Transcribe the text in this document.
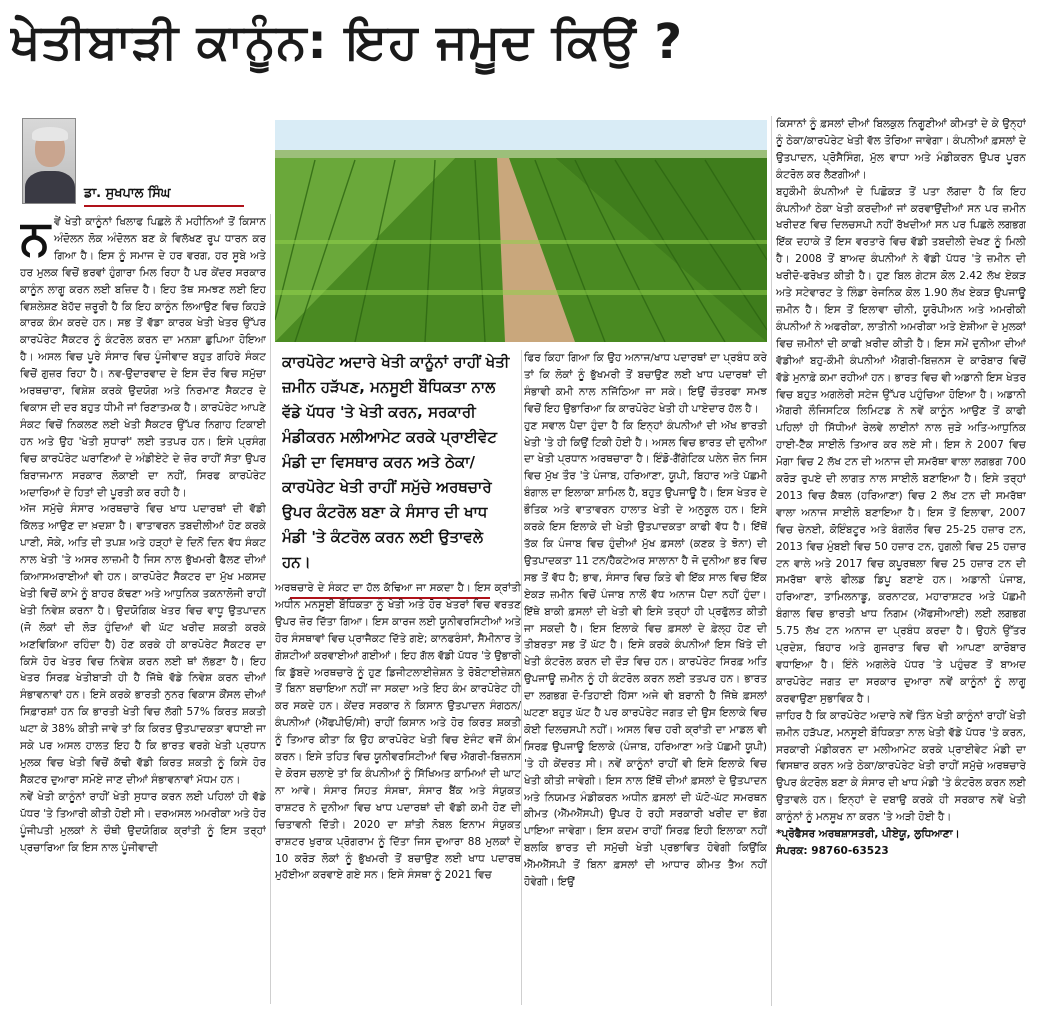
ਖੇਤੀਬਾੜੀ ਕਾਨੂੰਨ: ਇਹ ਜਮੂਦ ਕਿਉਂ ?
ਡਾ. ਸੁਖਪਾਲ ਸਿੰਘ

ਨਵੇਂ ਖੇਤੀ ਕਾਨੂੰਨਾਂ ਖਿਲਾਫ ਪਿਛਲੇ ਨੌ ਮਹੀਨਿਆਂ ਤੋਂ ਕਿਸਾਨ ਅੰਦੋਲਨ ਲੋਕ ਅੰਦੋਲਨ ਬਣ ਕੇ ਵਿਲੱਖਣ ਰੂਪ ਧਾਰਨ ਕਰ ਗਿਆ ਹੈ। ਇਸ ਨੂੰ ਸਮਾਜ ਦੇ ਹਰ ਵਰਗ, ਹਰ ਸੂਬੇ ਅਤੇ ਹਰ ਮੁਲਕ ਵਿਚੋਂ ਭਰਵਾਂ ਹੁੰਗਾਰਾ ਮਿਲ ਰਿਹਾ ਹੈ ਪਰ ਕੇਂਦਰ ਸਰਕਾਰ ਕਾਨੂੰਨ ਲਾਗੂ ਕਰਨ ਲਈ ਬਜ਼ਿਦ ਹੈ। ਇਹ ਤੱਥ ਸਮਝਣ ਲਈ ਇਹ ਵਿਸ਼ਲੇਸ਼ਣ ਬੇਹੱਦ ਜ਼ਰੂਰੀ ਹੈ ਕਿ ਇਹ ਕਾਨੂੰਨ ਲਿਆਉਣ ਵਿਚ ਕਿਹੜੇ ਕਾਰਕ ਕੰਮ ਕਰਦੇ ਹਨ। ਸਭ ਤੋਂ ਵੱਡਾ ਕਾਰਕ ਖੇਤੀ ਖੇਤਰ ਉੱਪਰ ਕਾਰਪੋਰੇਟ ਸੈਕਟਰ ਨੂੰ ਕੰਟਰੋਲ ਕਰਨ ਦਾ ਮਨਸ਼ਾ ਛੁਪਿਆ ਹੋਇਆ ਹੈ। ਅਸਲ ਵਿਚ ਪੂਰੇ ਸੰਸਾਰ ਵਿਚ ਪੂੰਜੀਵਾਦ ਬਹੁਤ ਗਹਿਰੇ ਸੰਕਟ ਵਿਚੋਂ ਗੁਜ਼ਰ ਰਿਹਾ ਹੈ। ਨਵ-ਉਦਾਰਵਾਦ ਦੇ ਇਸ ਦੌਰ ਵਿਚ ਸਮੁੱਚਾ ਅਰਥਚਾਰਾ, ਵਿਸ਼ੇਸ਼ ਕਰਕੇ ਉਦਯੋਗ ਅਤੇ ਨਿਰਮਾਣ ਸੈਕਟਰ ਦੇ ਵਿਕਾਸ ਦੀ ਦਰ ਬਹੁਤ ਧੀਮੀ ਜਾਂ ਰਿਣਾਤਮਕ ਹੈ। ਕਾਰਪੋਰੇਟ ਆਪਣੇ ਸੰਕਟ ਵਿਚੋਂ ਨਿਕਲਣ ਲਈ ਖੇਤੀ ਸੈਕਟਰ ਉੱਪਰ ਨਿਗਾਹ ਟਿਕਾਈ ਹਨ ਅਤੇ ਉਹ 'ਖੇਤੀ ਸੁਧਾਰਾਂ' ਲਈ ਤਤਪਰ ਹਨ। ਇਸੇ ਪ੍ਰਸੰਗ ਵਿਚ ਕਾਰਪੋਰੇਟ ਘਰਾਣਿਆਂ ਦੇ ਅੰਡੀਏਟੇ ਦੇ ਜ਼ੋਰ ਰਾਹੀਂ ਸੱਤਾ ਉਪਰ ਬਿਰਾਜਮਾਨ ਸਰਕਾਰ ਲੋਕਾਈ ਦਾ ਨਹੀਂ, ਸਿਰਫ ਕਾਰਪੋਰੇਟ ਅਦਾਰਿਆਂ ਦੇ ਹਿਤਾਂ ਦੀ ਪੂਰਤੀ ਕਰ ਰਹੀ ਹੈ।

ਅੱਜ ਸਮੁੱਚੇ ਸੰਸਾਰ ਅਰਥਚਾਰੇ ਵਿਚ ਖਾਧ ਪਦਾਰਥਾਂ ਦੀ ਵੱਡੀ ਕਿੱਲਤ ਆਉਣ ਦਾ ਖ਼ਦਸ਼ਾ ਹੈ। ਵਾਤਾਵਰਨ ਤਬਦੀਲੀਆਂ ਹੋਣ ਕਰਕੇ ਪਾਣੀ, ਸੋਕੇ, ਅਤਿ ਦੀ ਤਪਸ਼ ਅਤੇ ਹੜ੍ਹਾਂ ਦੇ ਦਿਨੋਂ ਦਿਨ ਵੱਧ ਸੰਕਟ ਨਾਲ ਖੇਤੀ 'ਤੇ ਅਸਰ ਲਾਜ਼ਮੀ ਹੈ ਜਿਸ ਨਾਲ ਭੁੱਖਮਰੀ ਫੈਲਣ ਦੀਆਂ ਕਿਆਸਅਰਾਈਆਂ ਵੀ ਹਨ। ਕਾਰਪੋਰੇਟ ਸੈਕਟਰ ਦਾ ਮੁੱਖ ਮਕਸਦ ਖੇਤੀ ਵਿਚੋਂ ਕਾਮੇ ਨੂੰ ਬਾਹਰ ਕੱਢਣਾ ਅਤੇ ਆਧੁਨਿਕ ਤਕਨਾਲੋਜੀ ਰਾਹੀਂ ਖੇਤੀ ਨਿਵੇਸ਼ ਕਰਨਾ ਹੈ। ਉਦਯੋਗਿਕ ਖੇਤਰ ਵਿਚ ਵਾਧੂ ਉਤਪਾਦਨ (ਜੋ ਲੋਕਾਂ ਦੀ ਲੋੜ ਹੁੰਦਿਆਂ ਵੀ ਘੱਟ ਖਰੀਦ ਸ਼ਕਤੀ ਕਰਕੇ ਅਣਵਿਕਿਆ ਰਹਿੰਦਾ ਹੈ) ਹੋਣ ਕਰਕੇ ਹੀ ਕਾਰਪੋਰੇਟ ਸੈਕਟਰ ਦਾ ਕਿਸੇ ਹੋਰ ਖੇਤਰ ਵਿਚ ਨਿਵੇਸ਼ ਕਰਨ ਲਈ ਥਾਂ ਲੱਭਣਾ ਹੈ। ਇਹ ਖੇਤਰ ਸਿਰਫ਼ ਖੇਤੀਬਾੜੀ ਹੀ ਹੈ ਜਿੱਥੇ ਵੱਡੇ ਨਿਵੇਸ਼ ਕਰਨ ਦੀਆਂ ਸੰਭਾਵਨਾਵਾਂ ਹਨ। ਇਸੇ ਕਰਕੇ ਭਾਰਤੀ ਨੁਨਰ ਵਿਕਾਸ ਕੌਂਸਲ ਦੀਆਂ ਸਿਫ਼ਾਰਸ਼ਾਂ ਹਨ ਕਿ ਭਾਰਤੀ ਖੇਤੀ ਵਿਚ ਲੱਗੀ 57% ਕਿਰਤ ਸ਼ਕਤੀ ਘਟਾ ਕੇ 38% ਕੀਤੀ ਜਾਵੇ ਤਾਂ ਕਿ ਕਿਰਤ ਉਤਪਾਦਕਤਾ ਵਧਾਈ ਜਾ ਸਕੇ ਪਰ ਅਸਲ ਹਾਲਤ ਇਹ ਹੈ ਕਿ ਭਾਰਤ ਵਰਗੇ ਖੇਤੀ ਪ੍ਰਧਾਨ ਮੁਲਕ ਵਿਚ ਖੇਤੀ ਵਿਚੋਂ ਕੱਢੀ ਵੱਡੀ ਕਿਰਤ ਸ਼ਕਤੀ ਨੂੰ ਕਿਸੇ ਹੋਰ ਸੈਕਟਰ ਦੁਆਰਾ ਸਮੋਏ ਜਾਣ ਦੀਆਂ ਸੰਭਾਵਨਾਵਾਂ ਮੱਧਮ ਹਨ।

ਨਵੇਂ ਖੇਤੀ ਕਾਨੂੰਨਾਂ ਰਾਹੀਂ ਖੇਤੀ ਸੁਧਾਰ ਕਰਨ ਲਈ ਪਹਿਲਾਂ ਹੀ ਵੱਡੇ ਪੱਧਰ 'ਤੇ ਤਿਆਰੀ ਕੀਤੀ ਹੋਈ ਸੀ। ਦਰਅਸਲ ਅਮਰੀਕਾ ਅਤੇ ਹੋਰ ਪੂੰਜੀਪਤੀ ਮੁਲਕਾਂ ਨੇ ਚੌਥੀ ਉਦਯੋਗਿਕ ਕ੍ਰਾਂਤੀ ਨੂੰ ਇਸ ਤਰ੍ਹਾਂ ਪ੍ਰਚਾਰਿਆ ਕਿ ਇਸ ਨਾਲ ਪੂੰਜੀਵਾਦੀ

ਕਾਰਪੋਰੇਟ ਅਦਾਰੇ ਖੇਤੀ ਕਾਨੂੰਨਾਂ ਰਾਹੀਂ ਖੇਤੀ ਜ਼ਮੀਨ ਹੜੱਪਣ, ਮਨਸੂਈ ਬੌਧਿਕਤਾ ਨਾਲ ਵੱਡੇ ਪੱਧਰ 'ਤੇ ਖੇਤੀ ਕਰਨ, ਸਰਕਾਰੀ ਮੰਡੀਕਰਨ ਮਲੀਆਮੇਟ ਕਰਕੇ ਪ੍ਰਾਈਵੇਟ ਮੰਡੀ ਦਾ ਵਿਸਥਾਰ ਕਰਨ ਅਤੇ ਠੇਕਾ/ਕਾਰਪੋਰੇਟ ਖੇਤੀ ਰਾਹੀਂ ਸਮੁੱਚੇ ਅਰਥਚਾਰੇ ਉਪਰ ਕੰਟਰੋਲ ਬਣਾ ਕੇ ਸੰਸਾਰ ਦੀ ਖਾਧ ਮੰਡੀ 'ਤੇ ਕੰਟਰੋਲ ਕਰਨ ਲਈ ਉਤਾਵਲੇ ਹਨ।

ਅਰਥਚਾਰੇ ਦੇ ਸੰਕਟ ਦਾ ਹੱਲ ਕੱਢਿਆ ਜਾ ਸਕਦਾ ਹੈ। ਇਸ ਕ੍ਰਾਂਤੀ ਅਧੀਨ ਮਨਸੂਈ ਬੌਧਿਕਤਾ ਨੂੰ ਖੇਤੀ ਅਤੇ ਹੋਰ ਖੇਤਰਾਂ ਵਿਚ ਵਰਤਣ ਉਪਰ ਜ਼ੋਰ ਦਿੱਤਾ ਗਿਆ। ਇਸ ਕਾਰਜ ਲਈ ਯੂਨੀਵਰਸਿਟੀਆਂ ਅਤੇ ਹੋਰ ਸੰਸਥਾਵਾਂ ਵਿਚ ਪ੍ਰਾਜੈਕਟ ਦਿੱਤੇ ਗਏ; ਕਾਨਫਰੰਸਾਂ, ਸੈਮੀਨਾਰ ਤੇ ਗੋਸ਼ਟੀਆਂ ਕਰਵਾਈਆਂ ਗਈਆਂ। ਇਹ ਗੱਲ ਵੱਡੀ ਪੱਧਰ 'ਤੇ ਉਭਾਰੀ ਕਿ ਡੁੱਬਦੇ ਅਰਥਚਾਰੇ ਨੂੰ ਹੁਣ ਡਿਜੀਟਲਾਈਜ਼ੇਸ਼ਨ ਤੇ ਰੋਬੋਟਾਈਜ਼ੇਸ਼ਨ ਤੋਂ ਬਿਨਾ ਬਚਾਇਆ ਨਹੀਂ ਜਾ ਸਕਦਾ ਅਤੇ ਇਹ ਕੰਮ ਕਾਰਪੋਰੇਟ ਹੀ ਕਰ ਸਕਦੇ ਹਨ। ਕੇਂਦਰ ਸਰਕਾਰ ਨੇ ਕਿਸਾਨ ਉਤਪਾਦਨ ਸੰਗਠਨ/ਕੰਪਨੀਆਂ (ਐੱਫਪੀਓ/ਸੀ) ਰਾਹੀਂ ਕਿਸਾਨ ਅਤੇ ਹੋਰ ਕਿਰਤ ਸ਼ਕਤੀ ਨੂੰ ਤਿਆਰ ਕੀਤਾ ਕਿ ਉਹ ਕਾਰਪੋਰੇਟ ਖੇਤੀ ਵਿਚ ਏਜੰਟ ਵਜੋਂ ਕੰਮ ਕਰਨ। ਇਸੇ ਤਹਿਤ ਵਿਚ ਯੂਨੀਵਰਸਿਟੀਆਂ ਵਿਚ ਐਗਰੀ-ਬਿਜ਼ਨਸ ਦੇ ਕੋਰਸ ਚਲਾਏ ਤਾਂ ਕਿ ਕੰਪਨੀਆਂ ਨੂੰ ਸਿੱਖਿਅਤ ਕਾਮਿਆਂ ਦੀ ਘਾਟ ਨਾ ਆਵੇ। ਸੰਸਾਰ ਸਿਹਤ ਸੰਸਥਾ, ਸੰਸਾਰ ਬੈਂਕ ਅਤੇ ਸੰਯੁਕਤ ਰਾਸ਼ਟਰ ਨੇ ਦੁਨੀਆ ਵਿਚ ਖਾਧ ਪਦਾਰਥਾਂ ਦੀ ਵੱਡੀ ਕਮੀ ਹੋਣ ਦੀ ਚਿਤਾਵਨੀ ਦਿੱਤੀ। 2020 ਦਾ ਸ਼ਾਂਤੀ ਨੋਬਲ ਇਨਾਮ ਸੰਯੁਕਤ ਰਾਸ਼ਟਰ ਖੁਰਾਕ ਪ੍ਰੋਗਰਾਮ ਨੂੰ ਦਿੱਤਾ ਜਿਸ ਦੁਆਰਾ 88 ਮੁਲਕਾਂ ਦੇ 10 ਕਰੋੜ ਲੋਕਾਂ ਨੂੰ ਭੁੱਖਮਰੀ ਤੋਂ ਬਚਾਉਣ ਲਈ ਖਾਧ ਪਦਾਰਥ ਮੁਹੱਈਆ ਕਰਵਾਏ ਗਏ ਸਨ। ਇਸੇ ਸੰਸਥਾ ਨੂੰ 2021 ਵਿਚ

ਫਿਰ ਕਿਹਾ ਗਿਆ ਕਿ ਉਹ ਅਨਾਜ/ਖਾਧ ਪਦਾਰਥਾਂ ਦਾ ਪ੍ਰਬੰਧ ਕਰੇ ਤਾਂ ਕਿ ਲੋਕਾਂ ਨੂੰ ਭੁੱਖਮਰੀ ਤੋਂ ਬਚਾਉਣ ਲਈ ਖਾਧ ਪਦਾਰਥਾਂ ਦੀ ਸੰਭਾਵੀ ਕਮੀ ਨਾਲ ਨਜਿੱਠਿਆ ਜਾ ਸਕੇ। ਇਉਂ ਚੌਤਰਫਾ ਸਮਝ ਵਿਚੋਂ ਇਹ ਉਭਾਰਿਆ ਕਿ ਕਾਰਪੋਰੇਟ ਖੇਤੀ ਹੀ ਪਾਏਦਾਰ ਹੱਲ ਹੈ।

ਹੁਣ ਸਵਾਲ ਪੈਦਾ ਹੁੰਦਾ ਹੈ ਕਿ ਇਨ੍ਹਾਂ ਕੰਪਨੀਆਂ ਦੀ ਅੱਖ ਭਾਰਤੀ ਖੇਤੀ 'ਤੇ ਹੀ ਕਿਉਂ ਟਿਕੀ ਹੋਈ ਹੈ। ਅਸਲ ਵਿਚ ਭਾਰਤ ਦੀ ਦੁਨੀਆ ਦਾ ਖੇਤੀ ਪ੍ਰਧਾਨ ਅਰਥਚਾਰਾ ਹੈ। ਇੰਡੋ-ਗੈਂਗੇਟਿਕ ਪਲੇਨ ਜ਼ੋਨ ਜਿਸ ਵਿਚ ਮੁੱਖ ਤੌਰ 'ਤੇ ਪੰਜਾਬ, ਹਰਿਆਣਾ, ਯੂਪੀ, ਬਿਹਾਰ ਅਤੇ ਪੱਛਮੀ ਬੰਗਾਲ ਦਾ ਇਲਾਕਾ ਸ਼ਾਮਿਲ ਹੈ, ਬਹੁਤ ਉਪਜਾਊ ਹੈ। ਇਸ ਖੇਤਰ ਦੇ ਭੌਤਿਕ ਅਤੇ ਵਾਤਾਵਰਨ ਹਾਲਾਤ ਖੇਤੀ ਦੇ ਅਨੁਕੂਲ ਹਨ। ਇਸੇ ਕਰਕੇ ਇਸ ਇਲਾਕੇ ਦੀ ਖੇਤੀ ਉਤਪਾਦਕਤਾ ਕਾਫੀ ਵੱਧ ਹੈ। ਇੱਥੋਂ ਤੱਕ ਕਿ ਪੰਜਾਬ ਵਿਚ ਹੁੰਦੀਆਂ ਮੁੱਖ ਫ਼ਸਲਾਂ (ਕਣਕ ਤੇ ਝੋਨਾ) ਦੀ ਉਤਪਾਦਕਤਾ 11 ਟਨ/ਹੈਕਟੇਅਰ ਸਾਲਾਨਾ ਹੈ ਜੋ ਦੁਨੀਆ ਭਰ ਵਿਚ ਸਭ ਤੋਂ ਵੱਧ ਹੈ; ਭਾਵ, ਸੰਸਾਰ ਵਿਚ ਕਿਤੇ ਵੀ ਇੱਕ ਸਾਲ ਵਿਚ ਇੱਕ ਏਕੜ ਜ਼ਮੀਨ ਵਿਚੋਂ ਪੰਜਾਬ ਨਾਲੋਂ ਵੱਧ ਅਨਾਜ ਪੈਦਾ ਨਹੀਂ ਹੁੰਦਾ। ਇੱਥੇ ਬਾਕੀ ਫ਼ਸਲਾਂ ਦੀ ਖੇਤੀ ਵੀ ਇਸੇ ਤਰ੍ਹਾਂ ਹੀ ਪ੍ਰਫੁੱਲਤ ਕੀਤੀ ਜਾ ਸਕਦੀ ਹੈ। ਇਸ ਇਲਾਕੇ ਵਿਚ ਫ਼ਸਲਾਂ ਦੇ ਫ਼ੇਲ੍ਹ ਹੋਣ ਦੀ ਤੀਬਰਤਾ ਸਭ ਤੋਂ ਘੱਟ ਹੈ। ਇਸੇ ਕਰਕੇ ਕੰਪਨੀਆਂ ਇਸ ਖਿੱਤੇ ਦੀ ਖੇਤੀ ਕੰਟਰੋਲ ਕਰਨ ਦੀ ਦੌੜ ਵਿਚ ਹਨ। ਕਾਰਪੋਰੇਟ ਸਿਰਫ਼ ਅਤਿ ਉਪਜਾਊ ਜ਼ਮੀਨ ਨੂੰ ਹੀ ਕੰਟਰੋਲ ਕਰਨ ਲਈ ਤਤਪਰ ਹਨ। ਭਾਰਤ ਦਾ ਲਗਭਗ ਦੋ-ਤਿਹਾਈ ਹਿੱਸਾ ਅਜੇ ਵੀ ਬਰਾਨੀ ਹੈ ਜਿੱਥੇ ਫ਼ਸਲਾਂ ਘਟਣਾ ਬਹੁਤ ਘੱਟ ਹੈ ਪਰ ਕਾਰਪੋਰੇਟ ਜਗਤ ਦੀ ਉਸ ਇਲਾਕੇ ਵਿਚ ਕੋਈ ਦਿਲਚਸਪੀ ਨਹੀਂ। ਅਸਲ ਵਿਚ ਹਰੀ ਕ੍ਰਾਂਤੀ ਦਾ ਮਾਡਲ ਵੀ ਸਿਰਫ਼ ਉਪਜਾਊ ਇਲਾਕੇ (ਪੰਜਾਬ, ਹਰਿਆਣਾ ਅਤੇ ਪੱਛਮੀ ਯੂਪੀ) 'ਤੇ ਹੀ ਕੇਂਦਰਤ ਸੀ। ਨਵੇਂ ਕਾਨੂੰਨਾਂ ਰਾਹੀਂ ਵੀ ਇਸੇ ਇਲਾਕੇ ਵਿਚ ਖੇਤੀ ਕੀਤੀ ਜਾਵੇਗੀ। ਇਸ ਨਾਲ ਇੱਥੋਂ ਦੀਆਂ ਫ਼ਸਲਾਂ ਦੇ ਉਤਪਾਦਨ ਅਤੇ ਨਿਯਮਤ ਮੰਡੀਕਰਨ ਅਧੀਨ ਫ਼ਸਲਾਂ ਦੀ ਘੱਟੋ-ਘੱਟ ਸਮਰਥਨ ਕੀਮਤ (ਐੱਮਐੱਸਪੀ) ਉਪਰ ਹੋ ਰਹੀ ਸਰਕਾਰੀ ਖਰੀਦ ਦਾ ਭੋਗ ਪਾਇਆ ਜਾਵੇਗਾ। ਇਸ ਕਦਮ ਰਾਹੀਂ ਸਿਰਫ਼ ਇਹੀ ਇਲਾਕਾ ਨਹੀਂ ਬਲਕਿ ਭਾਰਤ ਦੀ ਸਮੁੱਚੀ ਖੇਤੀ ਪ੍ਰਭਾਵਿਤ ਹੋਵੇਗੀ ਕਿਉਂਕਿ ਐੱਮਐੱਸਪੀ ਤੋਂ ਬਿਨਾ ਫ਼ਸਲਾਂ ਦੀ ਆਧਾਰ ਕੀਮਤ ਤੈਅ ਨਹੀਂ ਹੋਵੇਗੀ। ਇਉਂ

ਕਿਸਾਨਾਂ ਨੂੰ ਫ਼ਸਲਾਂ ਦੀਆਂ ਬਿਲਕੁਲ ਨਿਗੂਣੀਆਂ ਕੀਮਤਾਂ ਦੇ ਕੇ ਉਨ੍ਹਾਂ ਨੂੰ ਠੇਕਾ/ਕਾਰਪੋਰੇਟ ਖੇਤੀ ਵੱਲ ਤੋਰਿਆ ਜਾਵੇਗਾ। ਕੰਪਨੀਆਂ ਫ਼ਸਲਾਂ ਦੇ ਉਤਪਾਦਨ, ਪ੍ਰੋਸੈਸਿੰਗ, ਮੁੱਲ ਵਾਧਾ ਅਤੇ ਮੰਡੀਕਰਨ ਉਪਰ ਪੂਰਨ ਕੰਟਰੋਲ ਕਰ ਲੈਣਗੀਆਂ।

ਬਹੁਕੌਮੀ ਕੰਪਨੀਆਂ ਦੇ ਪਿਛੋਕੜ ਤੋਂ ਪਤਾ ਲੱਗਦਾ ਹੈ ਕਿ ਇਹ ਕੰਪਨੀਆਂ ਠੇਕਾ ਖੇਤੀ ਕਰਦੀਆਂ ਜਾਂ ਕਰਵਾਉਂਦੀਆਂ ਸਨ ਪਰ ਜ਼ਮੀਨ ਖਰੀਦਣ ਵਿਚ ਦਿਲਚਸਪੀ ਨਹੀਂ ਰੱਖਦੀਆਂ ਸਨ ਪਰ ਪਿਛਲੇ ਲਗਭਗ ਇੱਕ ਦਹਾਕੇ ਤੋਂ ਇਸ ਵਰਤਾਰੇ ਵਿਚ ਵੱਡੀ ਤਬਦੀਲੀ ਦੇਖਣ ਨੂੰ ਮਿਲੀ ਹੈ। 2008 ਤੋਂ ਬਾਅਦ ਕੰਪਨੀਆਂ ਨੇ ਵੱਡੀ ਪੱਧਰ 'ਤੇ ਜ਼ਮੀਨ ਦੀ ਖਰੀਦੋ-ਫਰੋਖਤ ਕੀਤੀ ਹੈ। ਹੁਣ ਬਿਲ ਗੇਟਸ ਕੋਲ 2.42 ਲੱਖ ਏਕੜ ਅਤੇ ਸਟੇਵਾਰਟ ਤੇ ਲਿੰਡਾ ਰੇਜਨਿਕ ਕੋਲ 1.90 ਲੱਖ ਏਕੜ ਉਪਜਾਊ ਜ਼ਮੀਨ ਹੈ। ਇਸ ਤੋਂ ਇਲਾਵਾ ਚੀਨੀ, ਯੂਰੋਪੀਅਨ ਅਤੇ ਅਮਰੀਕੀ ਕੰਪਨੀਆਂ ਨੇ ਅਫਰੀਕਾ, ਲਾਤੀਨੀ ਅਮਰੀਕਾ ਅਤੇ ਏਸ਼ੀਆ ਦੇ ਮੁਲਕਾਂ ਵਿਚ ਜ਼ਮੀਨਾਂ ਦੀ ਕਾਫੀ ਖ਼ਰੀਦ ਕੀਤੀ ਹੈ। ਇਸ ਸਮੇਂ ਦੁਨੀਆ ਦੀਆਂ ਵੱਡੀਆਂ ਬਹੁ-ਕੌਮੀ ਕੰਪਨੀਆਂ ਐਗਰੀ-ਬਿਜ਼ਨਸ ਦੇ ਕਾਰੋਬਾਰ ਵਿਚੋਂ ਵੱਡੇ ਮੁਨਾਫ਼ੇ ਕਮਾ ਰਹੀਆਂ ਹਨ। ਭਾਰਤ ਵਿਚ ਵੀ ਅਡਾਨੀ ਇਸ ਖੇਤਰ ਵਿਚ ਬਹੁਤ ਅਗਲੇਰੀ ਸਟੇਜ ਉੱਪਰ ਪਹੁੰਚਿਆ ਹੋਇਆ ਹੈ। ਅਡਾਨੀ ਐਗਰੀ ਲੌਜਿਸਟਿਕ ਲਿਮਿਟਡ ਨੇ ਨਵੇਂ ਕਾਨੂੰਨ ਆਉਣ ਤੋਂ ਕਾਫੀ ਪਹਿਲਾਂ ਹੀ ਸਿੱਧੀਆਂ ਰੇਲਵੇ ਲਾਈਨਾਂ ਨਾਲ ਜੁੜੇ ਅਤਿ-ਆਧੁਨਿਕ ਹਾਈ-ਟੈੱਕ ਸਾਈਲੋ ਤਿਆਰ ਕਰ ਲਏ ਸੀ। ਇਸ ਨੇ 2007 ਵਿਚ ਮੋਗਾ ਵਿਚ 2 ਲੱਖ ਟਨ ਦੀ ਅਨਾਜ ਦੀ ਸਮਰੱਥਾ ਵਾਲਾ ਲਗਭਗ 700 ਕਰੋੜ ਰੁਪਏ ਦੀ ਲਾਗਤ ਨਾਲ ਸਾਈਲੋ ਬਣਾਇਆ ਹੈ। ਇਸੇ ਤਰ੍ਹਾਂ 2013 ਵਿਚ ਕੈਥਲ (ਹਰਿਆਣਾ) ਵਿਚ 2 ਲੱਖ ਟਨ ਦੀ ਸਮਰੱਥਾ ਵਾਲਾ ਅਨਾਜ ਸਾਈਲੋ ਬਣਾਇਆ ਹੈ। ਇਸ ਤੋਂ ਇਲਾਵਾ, 2007 ਵਿਚ ਚੇਨਈ, ਕੋਇੰਬਟੂਰ ਅਤੇ ਬੰਗਲੌਰ ਵਿਚ 25-25 ਹਜ਼ਾਰ ਟਨ, 2013 ਵਿਚ ਮੁੰਬਈ ਵਿਚ 50 ਹਜ਼ਾਰ ਟਨ, ਹੁਗਲੀ ਵਿਚ 25 ਹਜ਼ਾਰ ਟਨ ਵਾਲੇ ਅਤੇ 2017 ਵਿਚ ਕਪੂਰਥਲਾ ਵਿਚ 25 ਹਜ਼ਾਰ ਟਨ ਦੀ ਸਮਰੱਥਾ ਵਾਲੇ ਫੀਲਡ ਡਿਪੂ ਬਣਾਏ ਹਨ। ਅਡਾਨੀ ਪੰਜਾਬ, ਹਰਿਆਣਾ, ਤਾਮਿਲਨਾਡੂ, ਕਰਨਾਟਕ, ਮਹਾਰਾਸ਼ਟਰ ਅਤੇ ਪੱਛਮੀ ਬੰਗਾਲ ਵਿਚ ਭਾਰਤੀ ਖਾਧ ਨਿਗਮ (ਐੱਫਸੀਆਈ) ਲਈ ਲਗਭਗ 5.75 ਲੱਖ ਟਨ ਅਨਾਜ ਦਾ ਪ੍ਰਬੰਧ ਕਰਦਾ ਹੈ। ਉਹਨੇ ਉੱਤਰ ਪ੍ਰਦੇਸ਼, ਬਿਹਾਰ ਅਤੇ ਗੁਜਰਾਤ ਵਿਚ ਵੀ ਆਪਣਾ ਕਾਰੋਬਾਰ ਵਧਾਇਆ ਹੈ। ਇੰਨੇ ਅਗਲੇਰੇ ਪੱਧਰ 'ਤੇ ਪਹੁੰਚਣ ਤੋਂ ਬਾਅਦ ਕਾਰਪੋਰੇਟ ਜਗਤ ਦਾ ਸਰਕਾਰ ਦੁਆਰਾ ਨਵੇਂ ਕਾਨੂੰਨਾਂ ਨੂੰ ਲਾਗੂ ਕਰਵਾਉਣਾ ਸੁਭਾਵਿਕ ਹੈ।

ਜ਼ਾਹਿਰ ਹੈ ਕਿ ਕਾਰਪੋਰੇਟ ਅਦਾਰੇ ਨਵੇਂ ਤਿੰਨ ਖੇਤੀ ਕਾਨੂੰਨਾਂ ਰਾਹੀਂ ਖੇਤੀ ਜ਼ਮੀਨ ਹੜੱਪਣ, ਮਨਸੂਈ ਬੌਧਿਕਤਾ ਨਾਲ ਖੇਤੀ ਵੱਡੇ ਪੱਧਰ 'ਤੇ ਕਰਨ, ਸਰਕਾਰੀ ਮੰਡੀਕਰਨ ਦਾ ਮਲੀਆਮੇਟ ਕਰਕੇ ਪ੍ਰਾਈਵੇਟ ਮੰਡੀ ਦਾ ਵਿਸਥਾਰ ਕਰਨ ਅਤੇ ਠੇਕਾ/ਕਾਰਪੋਰੇਟ ਖੇਤੀ ਰਾਹੀਂ ਸਮੁੱਚੇ ਅਰਥਚਾਰੇ ਉਪਰ ਕੰਟਰੋਲ ਬਣਾ ਕੇ ਸੰਸਾਰ ਦੀ ਖਾਧ ਮੰਡੀ 'ਤੇ ਕੰਟਰੋਲ ਕਰਨ ਲਈ ਉਤਾਵਲੇ ਹਨ। ਇਨ੍ਹਾਂ ਦੇ ਦਬਾਉ ਕਰਕੇ ਹੀ ਸਰਕਾਰ ਨਵੇਂ ਖੇਤੀ ਕਾਨੂੰਨਾਂ ਨੂੰ ਮਨਸੂਖ ਨਾ ਕਰਨ 'ਤੇ ਅੜੀ ਹੋਈ ਹੈ।

*ਪ੍ਰੋਫੈਸਰ ਅਰਥਸ਼ਾਸਤਰੀ, ਪੀਏਯੂ, ਲੁਧਿਆਣਾ।

ਸੰਪਰਕ: 98760-63523
